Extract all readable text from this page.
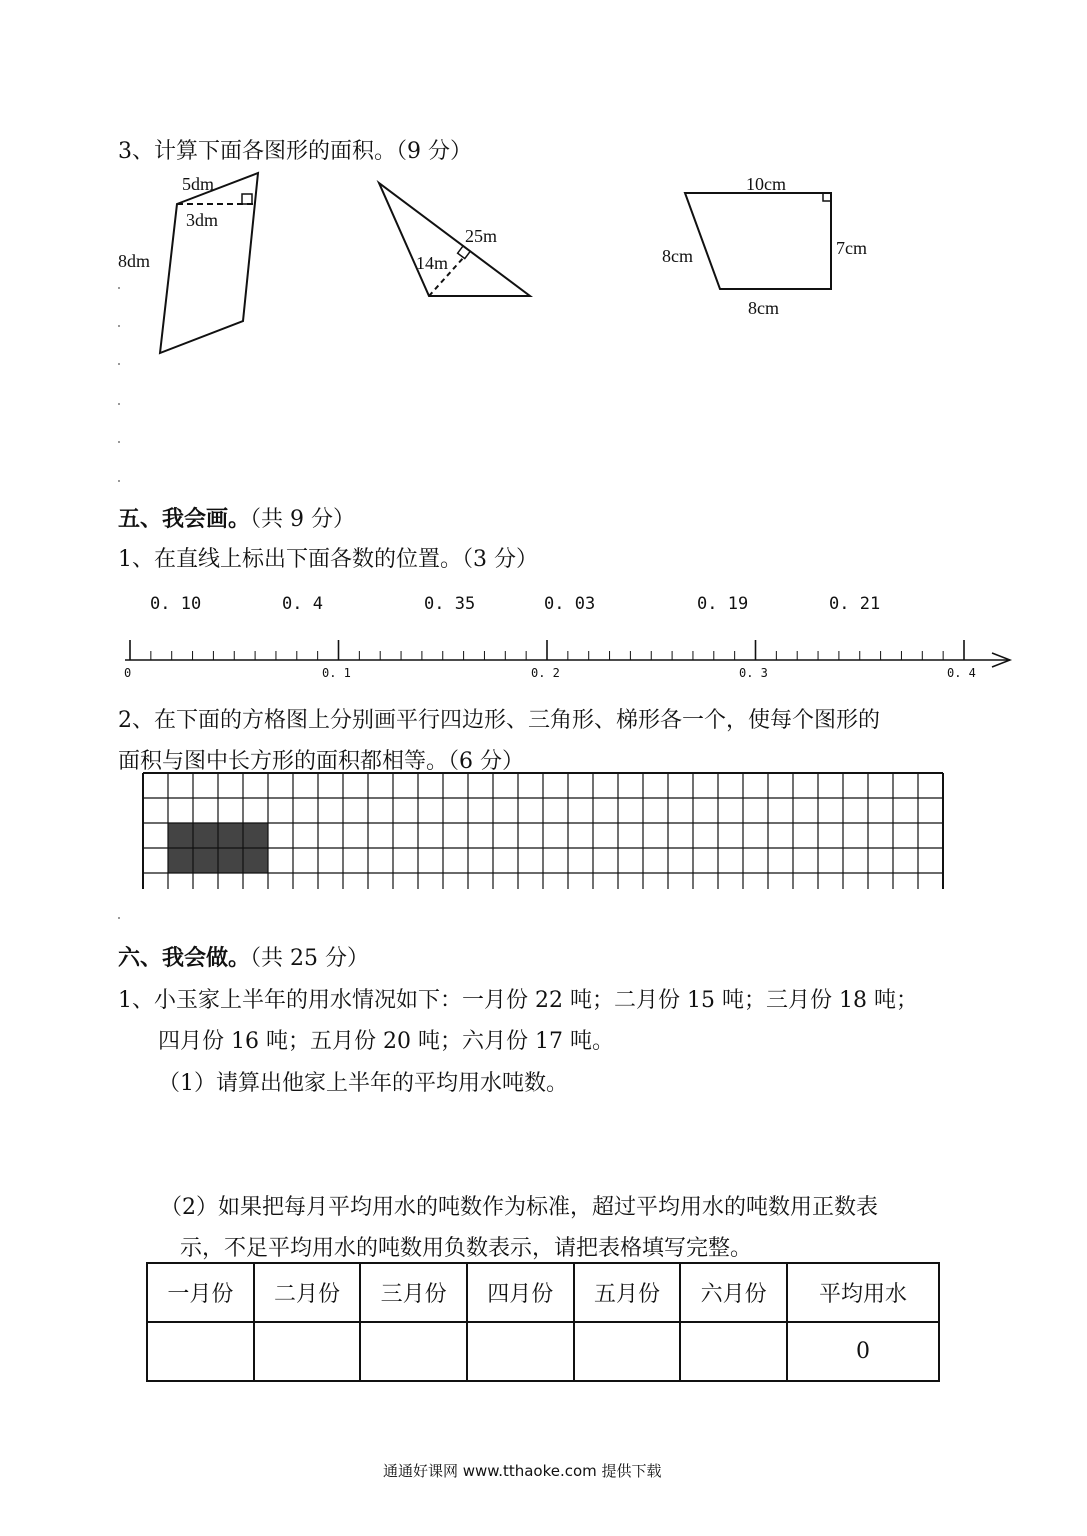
3、计算下面各图形的面积。（9 分）
5dm
3dm
8dm
25m
14m
10cm
7cm
8cm
8cm
五、我会画。（共 9 分）
1、在直线上标出下面各数的位置。（3 分）
0. 10	0. 4	0. 35	0. 03	0. 19	0. 21
0	0. 1	0. 2	0. 3	0. 4
2、在下面的方格图上分别画平行四边形、三角形、梯形各一个，使每个图形的
面积与图中长方形的面积都相等。（6 分）
六、我会做。（共 25 分）
1、小玉家上半年的用水情况如下：一月份 22 吨；二月份 15 吨；三月份 18 吨；
四月份 16 吨；五月份 20 吨；六月份 17 吨。
（1）请算出他家上半年的平均用水吨数。
（2）如果把每月平均用水的吨数作为标准，超过平均用水的吨数用正数表
示，不足平均用水的吨数用负数表示，请把表格填写完整。
一月份	二月份	三月份	四月份	五月份	六月份	平均用水
						0
通通好课网 www.tthaoke.com 提供下载
